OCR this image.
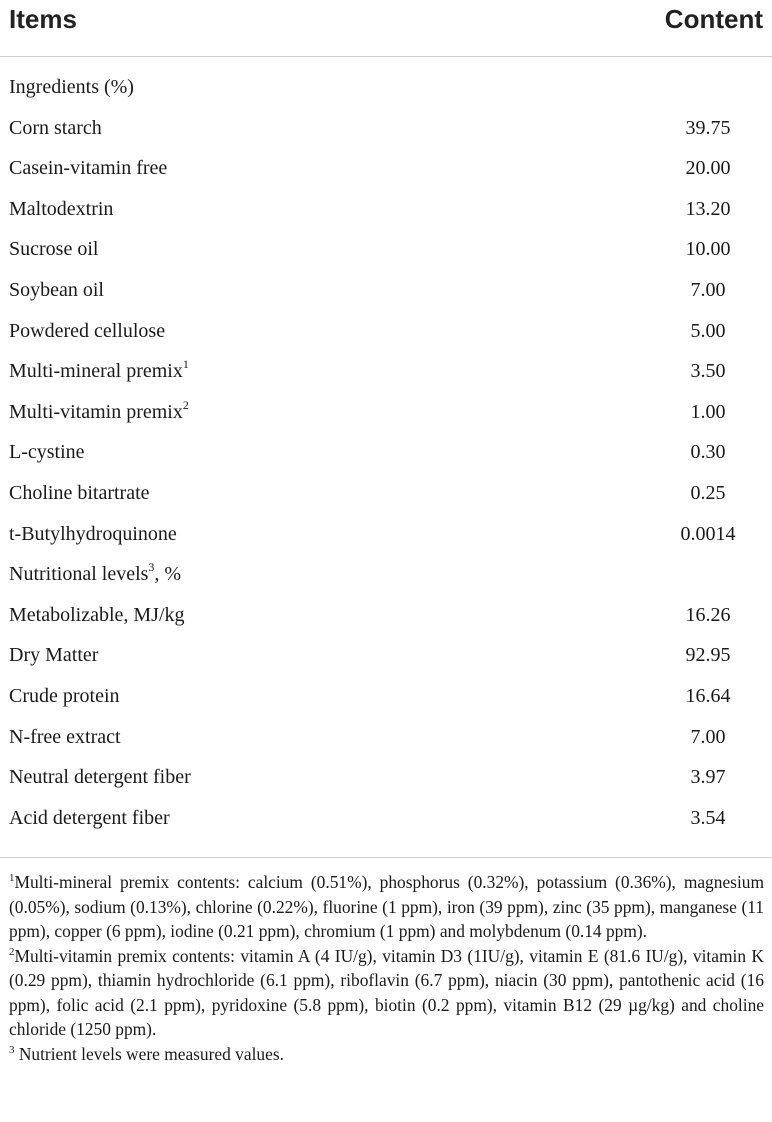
Items	Content
Ingredients (%)
Corn starch	39.75
Casein-vitamin free	20.00
Maltodextrin	13.20
Sucrose oil	10.00
Soybean oil	7.00
Powdered cellulose	5.00
Multi-mineral premix$^1$	3.50
Multi-vitamin premix$^2$	1.00
L-cystine	0.30
Choline bitartrate	0.25
t-Butylhydroquinone	0.0014
Nutritional levels$^3$, %
Metabolizable, MJ/kg	16.26
Dry Matter	92.95
Crude protein	16.64
N-free extract	7.00
Neutral detergent fiber	3.97
Acid detergent fiber	3.54

$^1$Multi-mineral premix contents: calcium (0.51%), phosphorus (0.32%), potassium (0.36%), magnesium (0.05%), sodium (0.13%), chlorine (0.22%), fluorine (1 ppm), iron (39 ppm), zinc (35 ppm), manganese (11 ppm), copper (6 ppm), iodine (0.21 ppm), chromium (1 ppm) and molybdenum (0.14 ppm).

$^2$Multi-vitamin premix contents: vitamin A (4 IU/g), vitamin D3 (1IU/g), vitamin E (81.6 IU/g), vitamin K (0.29 ppm), thiamin hydrochloride (6.1 ppm), riboflavin (6.7 ppm), niacin (30 ppm), pantothenic acid (16 ppm), folic acid (2.1 ppm), pyridoxine (5.8 ppm), biotin (0.2 ppm), vitamin B12 (29 µg/kg) and choline chloride (1250 ppm).

$^3$ Nutrient levels were measured values.
